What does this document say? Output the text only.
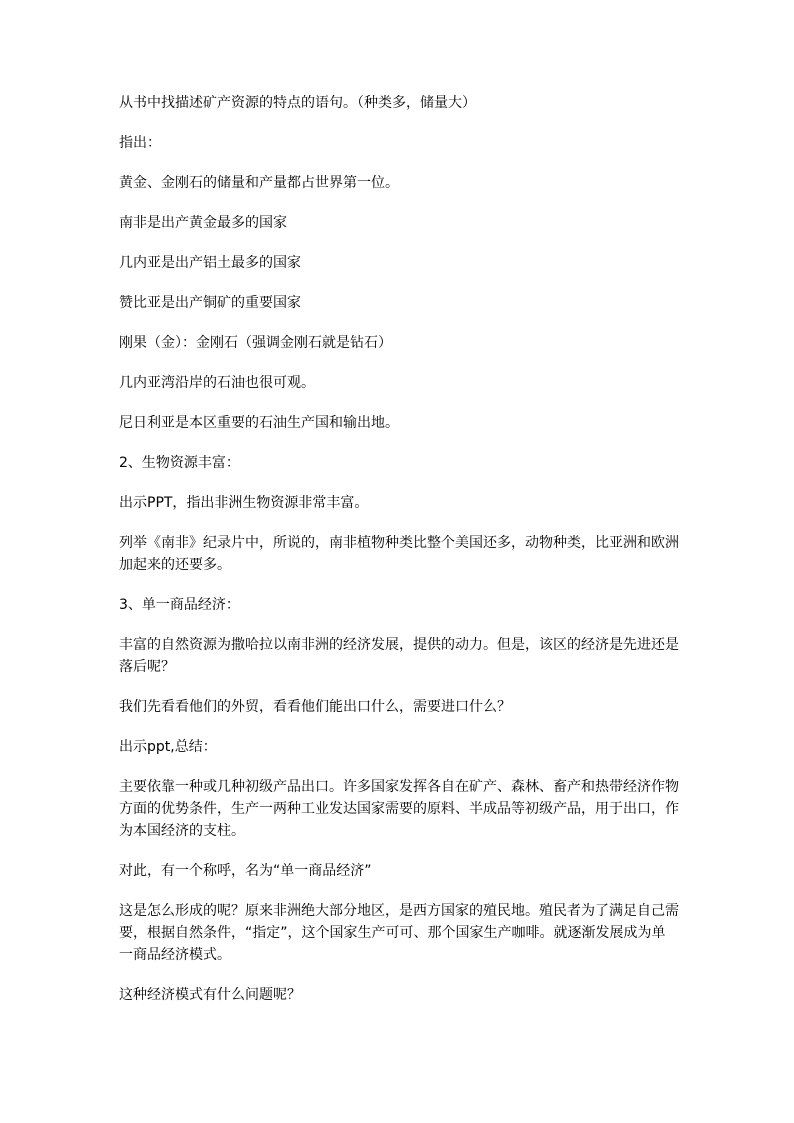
从书中找描述矿产资源的特点的语句。（种类多，储量大）

指出：

黄金、金刚石的储量和产量都占世界第一位。

南非是出产黄金最多的国家

几内亚是出产铝土最多的国家

赞比亚是出产铜矿的重要国家

刚果（金）：金刚石（强调金刚石就是钻石）

几内亚湾沿岸的石油也很可观。

尼日利亚是本区重要的石油生产国和输出地。

2、生物资源丰富：

出示PPT，指出非洲生物资源非常丰富。

列举《南非》纪录片中，所说的，南非植物种类比整个美国还多，动物种类，比亚洲和欧洲加起来的还要多。

3、单一商品经济：

丰富的自然资源为撒哈拉以南非洲的经济发展，提供的动力。但是，该区的经济是先进还是落后呢？

我们先看看他们的外贸，看看他们能出口什么，需要进口什么？

出示ppt,总结：

主要依靠一种或几种初级产品出口。许多国家发挥各自在矿产、森林、畜产和热带经济作物方面的优势条件，生产一两种工业发达国家需要的原料、半成品等初级产品，用于出口，作为本国经济的支柱。

对此，有一个称呼，名为“单一商品经济”

这是怎么形成的呢？原来非洲绝大部分地区，是西方国家的殖民地。殖民者为了满足自己需要，根据自然条件，“指定”，这个国家生产可可、那个国家生产咖啡。就逐渐发展成为单一商品经济模式。

这种经济模式有什么问题呢？
